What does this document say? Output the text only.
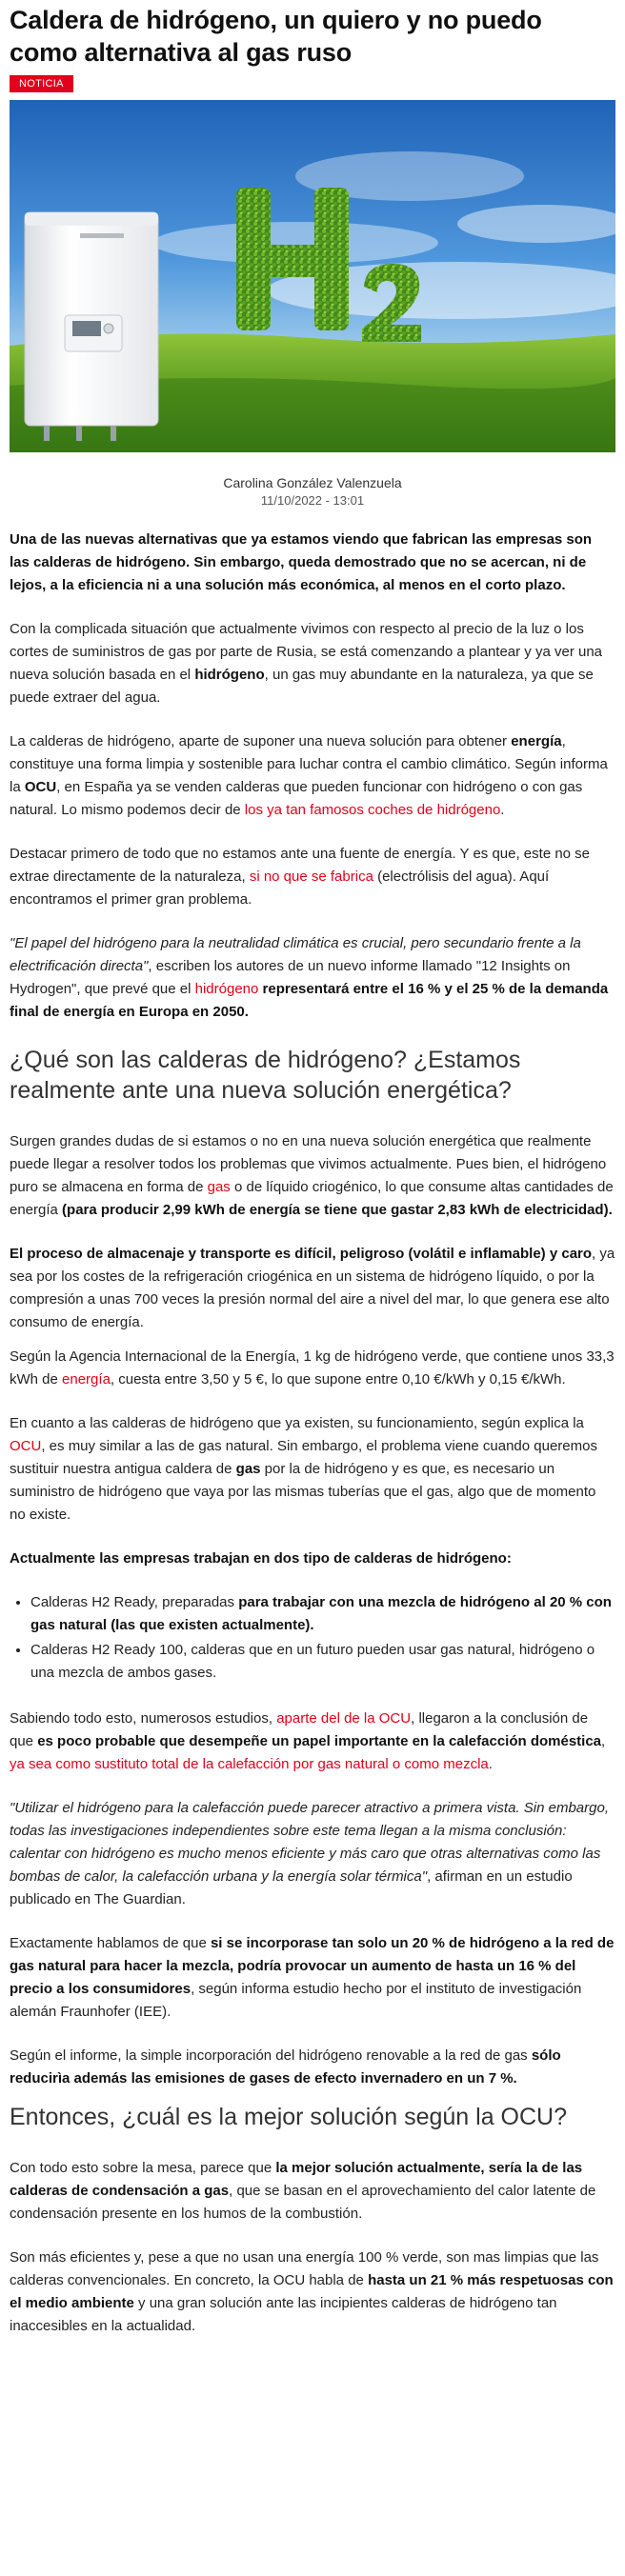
Caldera de hidrógeno, un quiero y no puedo como alternativa al gas ruso
NOTICIA
Carolina González Valenzuela
11/10/2022 - 13:01

Una de las nuevas alternativas que ya estamos viendo que fabrican las empresas son las calderas de hidrógeno. Sin embargo, queda demostrado que no se acercan, ni de lejos, a la eficiencia ni a una solución más económica, al menos en el corto plazo.

Con la complicada situación que actualmente vivimos con respecto al precio de la luz o los cortes de suministros de gas por parte de Rusia, se está comenzando a plantear y ya ver una nueva solución basada en el hidrógeno, un gas muy abundante en la naturaleza, ya que se puede extraer del agua.

La calderas de hidrógeno, aparte de suponer una nueva solución para obtener energía, constituye una forma limpia y sostenible para luchar contra el cambio climático. Según informa la OCU, en España ya se venden calderas que pueden funcionar con hidrógeno o con gas natural. Lo mismo podemos decir de los ya tan famosos coches de hidrógeno.

Destacar primero de todo que no estamos ante una fuente de energía. Y es que, este no se extrae directamente de la naturaleza, si no que se fabrica (electrólisis del agua). Aquí encontramos el primer gran problema.

"El papel del hidrógeno para la neutralidad climática es crucial, pero secundario frente a la electrificación directa", escriben los autores de un nuevo informe llamado "12 Insights on Hydrogen", que prevé que el hidrógeno representará entre el 16 % y el 25 % de la demanda final de energía en Europa en 2050.

¿Qué son las calderas de hidrógeno? ¿Estamos realmente ante una nueva solución energética?

Surgen grandes dudas de si estamos o no en una nueva solución energética que realmente puede llegar a resolver todos los problemas que vivimos actualmente. Pues bien, el hidrógeno puro se almacena en forma de gas o de líquido criogénico, lo que consume altas cantidades de energía (para producir 2,99 kWh de energía se tiene que gastar 2,83 kWh de electricidad).

El proceso de almacenaje y transporte es difícil, peligroso (volátil e inflamable) y caro, ya sea por los costes de la refrigeración criogénica en un sistema de hidrógeno líquido, o por la compresión a unas 700 veces la presión normal del aire a nivel del mar, lo que genera ese alto consumo de energía.

Según la Agencia Internacional de la Energía, 1 kg de hidrógeno verde, que contiene unos 33,3 kWh de energía, cuesta entre 3,50 y 5 €, lo que supone entre 0,10 €/kWh y 0,15 €/kWh.

En cuanto a las calderas de hidrógeno que ya existen, su funcionamiento, según explica la OCU, es muy similar a las de gas natural. Sin embargo, el problema viene cuando queremos sustituir nuestra antigua caldera de gas por la de hidrógeno y es que, es necesario un suministro de hidrógeno que vaya por las mismas tuberías que el gas, algo que de momento no existe.

Actualmente las empresas trabajan en dos tipo de calderas de hidrógeno:

• Calderas H2 Ready, preparadas para trabajar con una mezcla de hidrógeno al 20 % con gas natural (las que existen actualmente).
• Calderas H2 Ready 100, calderas que en un futuro pueden usar gas natural, hidrógeno o una mezcla de ambos gases.

Sabiendo todo esto, numerosos estudios, aparte del de la OCU, llegaron a la conclusión de que es poco probable que desempeñe un papel importante en la calefacción doméstica, ya sea como sustituto total de la calefacción por gas natural o como mezcla.

"Utilizar el hidrógeno para la calefacción puede parecer atractivo a primera vista. Sin embargo, todas las investigaciones independientes sobre este tema llegan a la misma conclusión: calentar con hidrógeno es mucho menos eficiente y más caro que otras alternativas como las bombas de calor, la calefacción urbana y la energía solar térmica", afirman en un estudio publicado en The Guardian.

Exactamente hablamos de que si se incorporase tan solo un 20 % de hidrógeno a la red de gas natural para hacer la mezcla, podría provocar un aumento de hasta un 16 % del precio a los consumidores, según informa estudio hecho por el instituto de investigación alemán Fraunhofer (IEE).

Según el informe, la simple incorporación del hidrógeno renovable a la red de gas sólo reducirìa además las emisiones de gases de efecto invernadero en un 7 %.

Entonces, ¿cuál es la mejor solución según la OCU?

Con todo esto sobre la mesa, parece que la mejor solución actualmente, sería la de las calderas de condensación a gas, que se basan en el aprovechamiento del calor latente de condensación presente en los humos de la combustión.

Son más eficientes y, pese a que no usan una energía 100 % verde, son mas limpias que las calderas convencionales. En concreto, la OCU habla de hasta un 21 % más respetuosas con el medio ambiente y una gran solución ante las incipientes calderas de hidrógeno tan inaccesibles en la actualidad.
